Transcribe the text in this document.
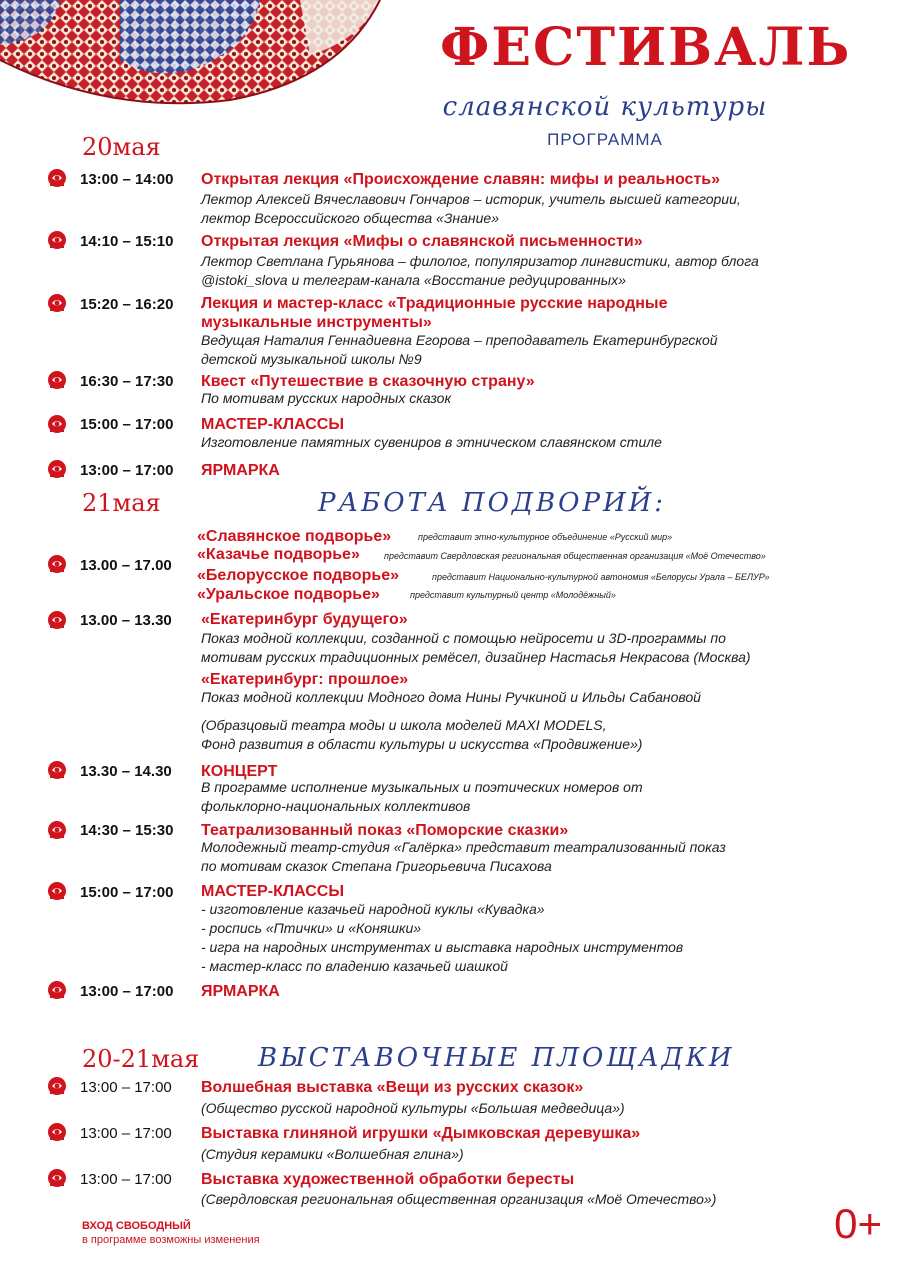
ФЕСТИВАЛЬ
славянской культуры
ПРОГРАММА
20мая
13:00 – 14:00 Открытая лекция «Происхождение славян: мифы и реальность»
Лектор Алексей Вячеславович Гончаров – историк, учитель высшей категории,
лектор Всероссийского общества «Знание»
14:10 – 15:10 Открытая лекция «Мифы о славянской письменности»
Лектор Светлана Гурьянова – филолог, популяризатор лингвистики, автор блога
@istoki_slova и телеграм-канала «Восстание редуцированных»
15:20 – 16:20 Лекция и мастер-класс «Традиционные русские народные
музыкальные инструменты»
Ведущая Наталия Геннадиевна Егорова – преподаватель Екатеринбургской
детской музыкальной школы №9
16:30 – 17:30 Квест «Путешествие в сказочную страну»
По мотивам русских народных сказок
15:00 – 17:00 МАСТЕР-КЛАССЫ
Изготовление памятных сувениров в этническом славянском стиле
13:00 – 17:00 ЯРМАРКА
21мая	РАБОТА ПОДВОРИЙ:
13.00 – 17.00
«Славянское подворье»	представит этно-культурное объединение «Русский мир»
«Казачье подворье»	представит Свердловская региональная общественная организация «Моё Отечество»
«Белорусское подворье»	представит Национально-культурной автономия «Белорусы Урала – БЕЛУР»
«Уральское подворье»	представит культурный центр «Молодёжный»
13.00 – 13.30 «Екатеринбург будущего»
Показ модной коллекции, созданной с помощью нейросети и 3D-программы по
мотивам русских традиционных ремёсел, дизайнер Настасья Некрасова (Москва)
«Екатеринбург: прошлое»
Показ модной коллекции Модного дома Нины Ручкиной и Ильды Сабановой
(Образцовый театра моды и школа моделей MAXI MODELS,
Фонд развития в области культуры и искусства «Продвижение»)
13.30 – 14.30 КОНЦЕРТ
В программе исполнение музыкальных и поэтических номеров от
фольклорно-национальных коллективов
14:30 – 15:30 Театрализованный показ «Поморские сказки»
Молодежный театр-студия «Галёрка» представит театрализованный показ
по мотивам сказок Степана Григорьевича Писахова
15:00 – 17:00 МАСТЕР-КЛАССЫ
- изготовление казачьей народной куклы «Кувадка»
- роспись «Птички» и «Коняшки»
- игра на народных инструментах и выставка народных инструментов
- мастер-класс по владению казачьей шашкой
13:00 – 17:00 ЯРМАРКА
20-21мая ВЫСТАВОЧНЫЕ ПЛОЩАДКИ
13:00 – 17:00 Волшебная выставка «Вещи из русских сказок»
(Общество русской народной культуры «Большая медведица»)
13:00 – 17:00 Выставка глиняной игрушки «Дымковская деревушка»
(Студия керамики «Волшебная глина»)
13:00 – 17:00 Выставка художественной обработки бересты
(Свердловская региональная общественная организация «Моё Отечество»)
ВХОД СВОБОДНЫЙ
в программе возможны изменения	0+
